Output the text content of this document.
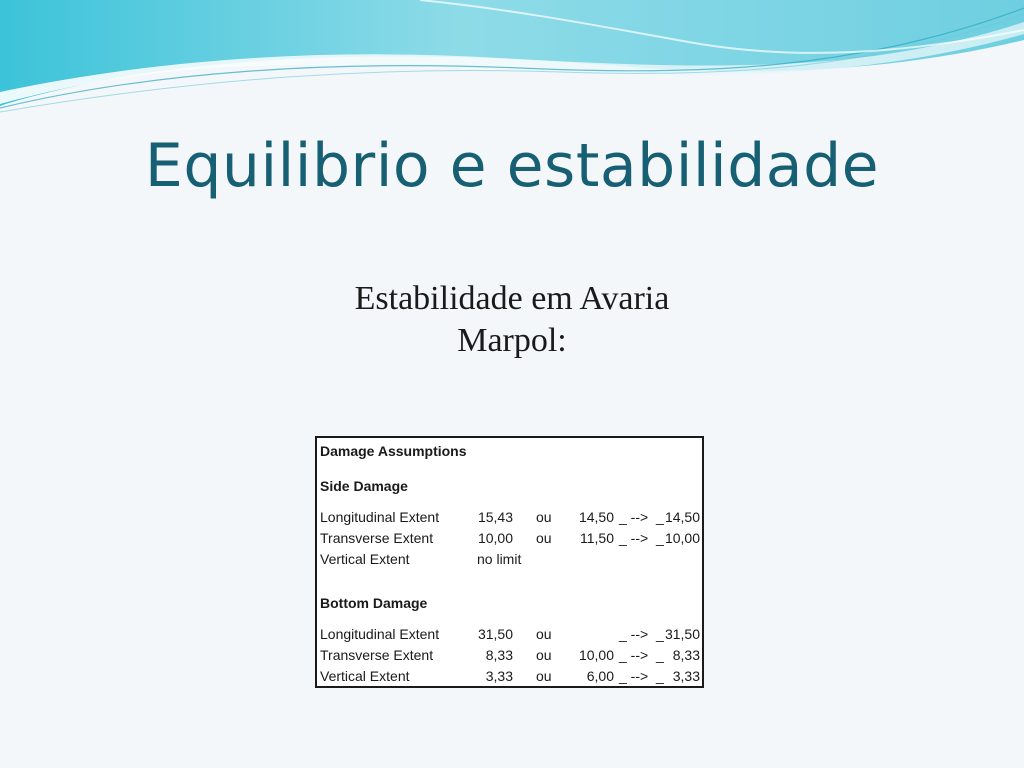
Equilibrio e estabilidade
Estabilidade em Avaria
Marpol:
Damage Assumptions
Side Damage
Longitudinal Extent	15,43 ou 14,50 _ -->  _ 14,50
Transverse Extent	10,00 ou 11,50 _ -->  _ 10,00
Vertical Extent	no limit
Bottom Damage
Longitudinal Extent	31,50 ou	_ -->  _ 31,50
Transverse Extent	8,33 ou 10,00 _ -->  _ 8,33
Vertical Extent	3,33 ou	6,00 _ -->  _ 3,33
